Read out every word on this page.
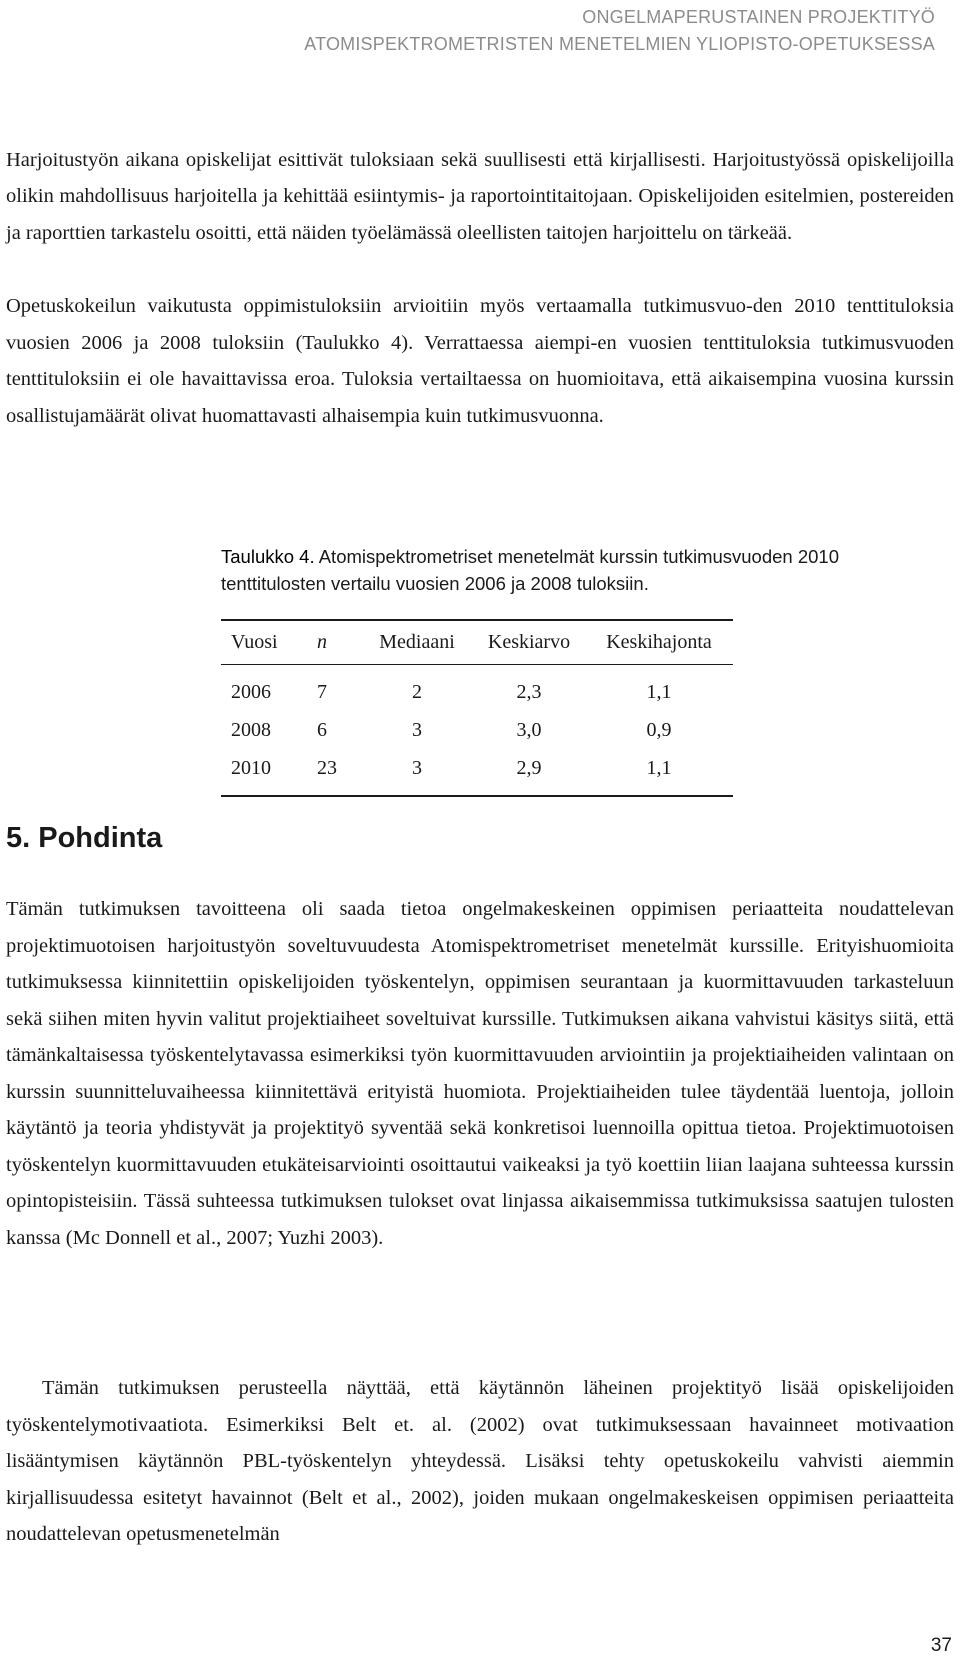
ONGELMAPERUSTAINEN PROJEKTITYÖ
ATOMISPEKTROMETRISTEN MENETELMIEN YLIOPISTO-OPETUKSESSA

Harjoitustyön aikana opiskelijat esittivät tuloksiaan sekä suullisesti että kirjallisesti. Harjoitustyössä opiskelijoilla olikin mahdollisuus harjoitella ja kehittää esiintymis- ja raportointitaitojaan. Opiskelijoiden esitelmien, postereiden ja raporttien tarkastelu osoitti, että näiden työelämässä oleellisten taitojen harjoittelu on tärkeää.

Opetuskokeilun vaikutusta oppimistuloksiin arvioitiin myös vertaamalla tutkimusvuo-den 2010 tenttituloksia vuosien 2006 ja 2008 tuloksiin (Taulukko 4). Verrattaessa aiempi-en vuosien tenttituloksia tutkimusvuoden tenttituloksiin ei ole havaittavissa eroa. Tuloksia vertailtaessa on huomioitava, että aikaisempina vuosina kurssin osallistujamäärät olivat huomattavasti alhaisempia kuin tutkimusvuonna.

Taulukko 4. Atomispektrometriset menetelmät kurssin tutkimusvuoden 2010
tenttitulosten vertailu vuosien 2006 ja 2008 tuloksiin.
Vuosi	n	Mediaani	Keskiarvo	Keskihajonta
2006	7	2	2,3	1,1
2008	6	3	3,0	0,9
2010	23	3	2,9	1,1
5. Pohdinta

Tämän tutkimuksen tavoitteena oli saada tietoa ongelmakeskeinen oppimisen periaatteita noudattelevan projektimuotoisen harjoitustyön soveltuvuudesta Atomispektrometriset menetelmät kurssille. Erityishuomioita tutkimuksessa kiinnitettiin opiskelijoiden työskentelyn, oppimisen seurantaan ja kuormittavuuden tarkasteluun sekä siihen miten hyvin valitut projektiaiheet soveltuivat kurssille. Tutkimuksen aikana vahvistui käsitys siitä, että tämänkaltaisessa työskentelytavassa esimerkiksi työn kuormittavuuden arviointiin ja projektiaiheiden valintaan on kurssin suunnitteluvaiheessa kiinnitettävä erityistä huomiota. Projektiaiheiden tulee täydentää luentoja, jolloin käytäntö ja teoria yhdistyvät ja projektityö syventää sekä konkretisoi luennoilla opittua tietoa. Projektimuotoisen työskentelyn kuormittavuuden etukäteisarviointi osoittautui vaikeaksi ja työ koettiin liian laajana suhteessa kurssin opintopisteisiin. Tässä suhteessa tutkimuksen tulokset ovat linjassa aikaisemmissa tutkimuksissa saatujen tulosten kanssa (Mc Donnell et al., 2007; Yuzhi 2003).

Tämän tutkimuksen perusteella näyttää, että käytännön läheinen projektityö lisää opiskelijoiden työskentelymotivaatiota. Esimerkiksi Belt et. al. (2002) ovat tutkimuksessaan havainneet motivaation lisääntymisen käytännön PBL-työskentelyn yhteydessä. Lisäksi tehty opetuskokeilu vahvisti aiemmin kirjallisuudessa esitetyt havainnot (Belt et al., 2002), joiden mukaan ongelmakeskeisen oppimisen periaatteita noudattelevan opetusmenetelmän

37
